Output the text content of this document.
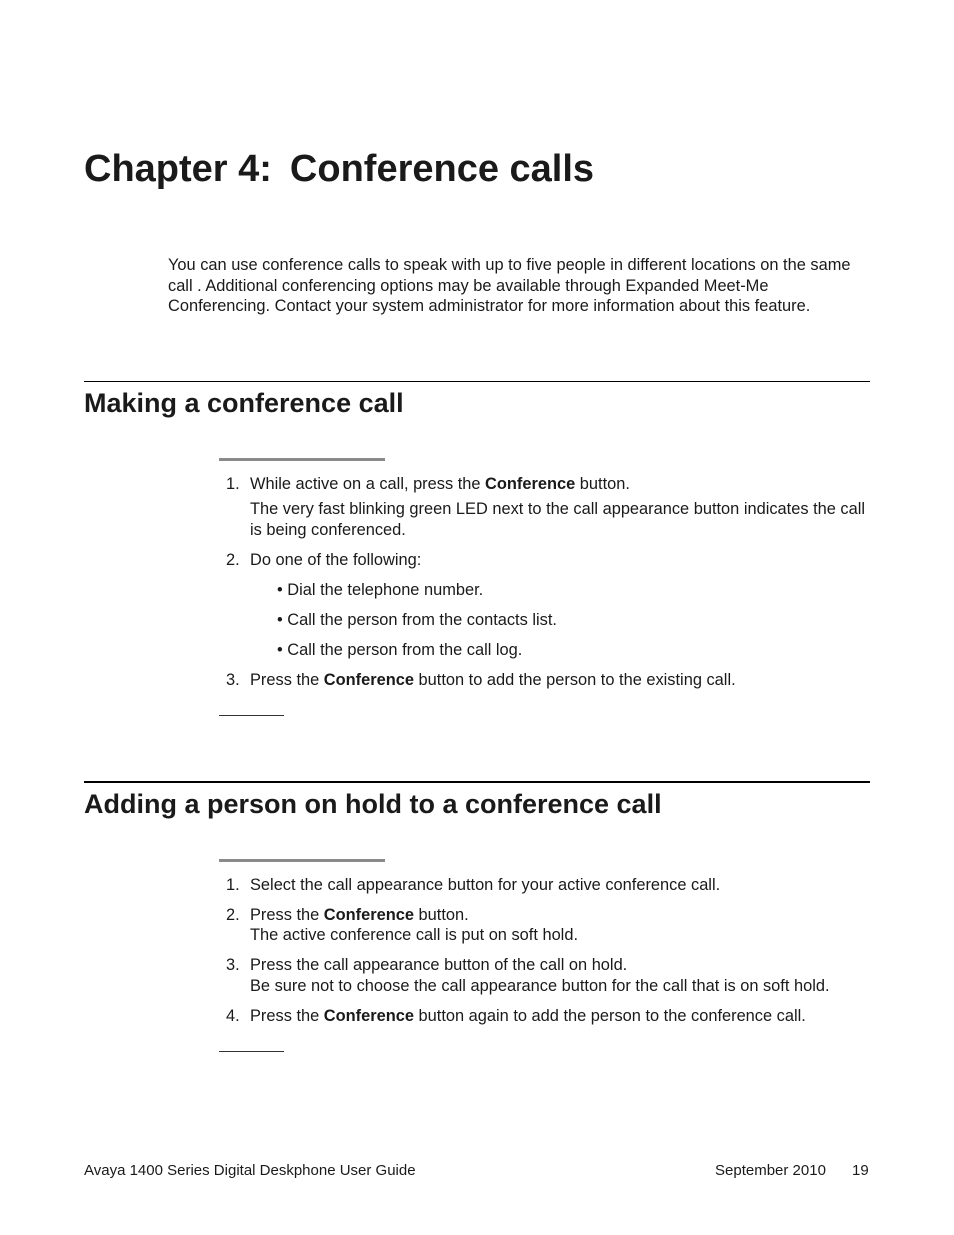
Chapter 4: Conference calls

You can use conference calls to speak with up to five people in different locations on the same call . Additional conferencing options may be available through Expanded Meet-Me Conferencing. Contact your system administrator for more information about this feature.

Making a conference call
1. While active on a call, press the Conference button.
The very fast blinking green LED next to the call appearance button indicates the call is being conferenced.
2. Do one of the following:
• Dial the telephone number.
• Call the person from the contacts list.
• Call the person from the call log.
3. Press the Conference button to add the person to the existing call.
Adding a person on hold to a conference call
1. Select the call appearance button for your active conference call.
2. Press the Conference button.
The active conference call is put on soft hold.
3. Press the call appearance button of the call on hold.
Be sure not to choose the call appearance button for the call that is on soft hold.
4. Press the Conference button again to add the person to the conference call.
Avaya 1400 Series Digital Deskphone User Guide	September 2010 19
